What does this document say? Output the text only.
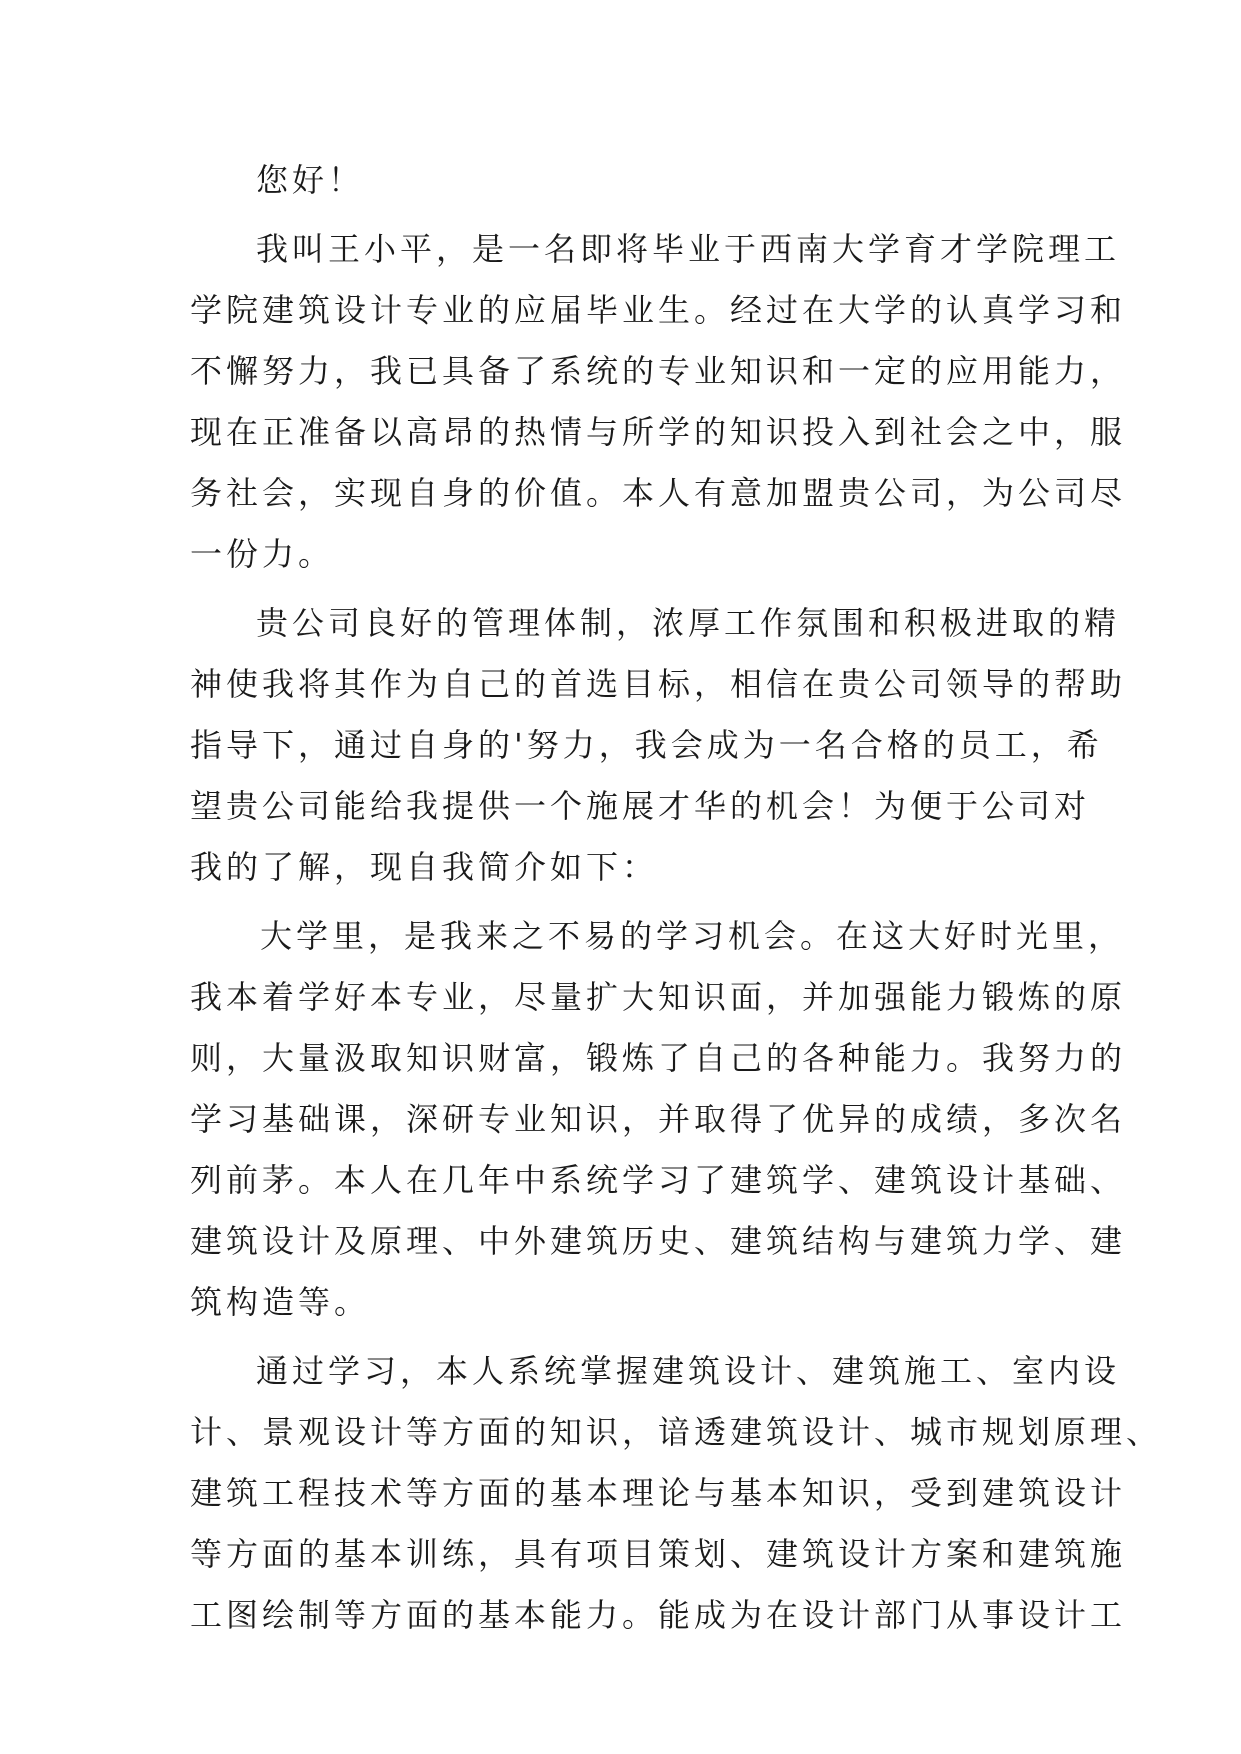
您好！
我叫王小平，是一名即将毕业于西南大学育才学院理工
学院建筑设计专业的应届毕业生。经过在大学的认真学习和
不懈努力，我已具备了系统的专业知识和一定的应用能力，
现在正准备以高昂的热情与所学的知识投入到社会之中，服
务社会，实现自身的价值。本人有意加盟贵公司，为公司尽
一份力。
贵公司良好的管理体制，浓厚工作氛围和积极进取的精
神使我将其作为自己的首选目标，相信在贵公司领导的帮助
指导下，通过自身的'努力，我会成为一名合格的员工，希
望贵公司能给我提供一个施展才华的机会！为便于公司对
我的了解，现自我简介如下：
大学里，是我来之不易的学习机会。在这大好时光里，
我本着学好本专业，尽量扩大知识面，并加强能力锻炼的原
则，大量汲取知识财富，锻炼了自己的各种能力。我努力的
学习基础课，深研专业知识，并取得了优异的成绩，多次名
列前茅。本人在几年中系统学习了建筑学、建筑设计基础、
建筑设计及原理、中外建筑历史、建筑结构与建筑力学、建
筑构造等。
通过学习，本人系统掌握建筑设计、建筑施工、室内设
计、景观设计等方面的知识，谙透建筑设计、城市规划原理、
建筑工程技术等方面的基本理论与基本知识，受到建筑设计
等方面的基本训练，具有项目策划、建筑设计方案和建筑施
工图绘制等方面的基本能力。能成为在设计部门从事设计工
